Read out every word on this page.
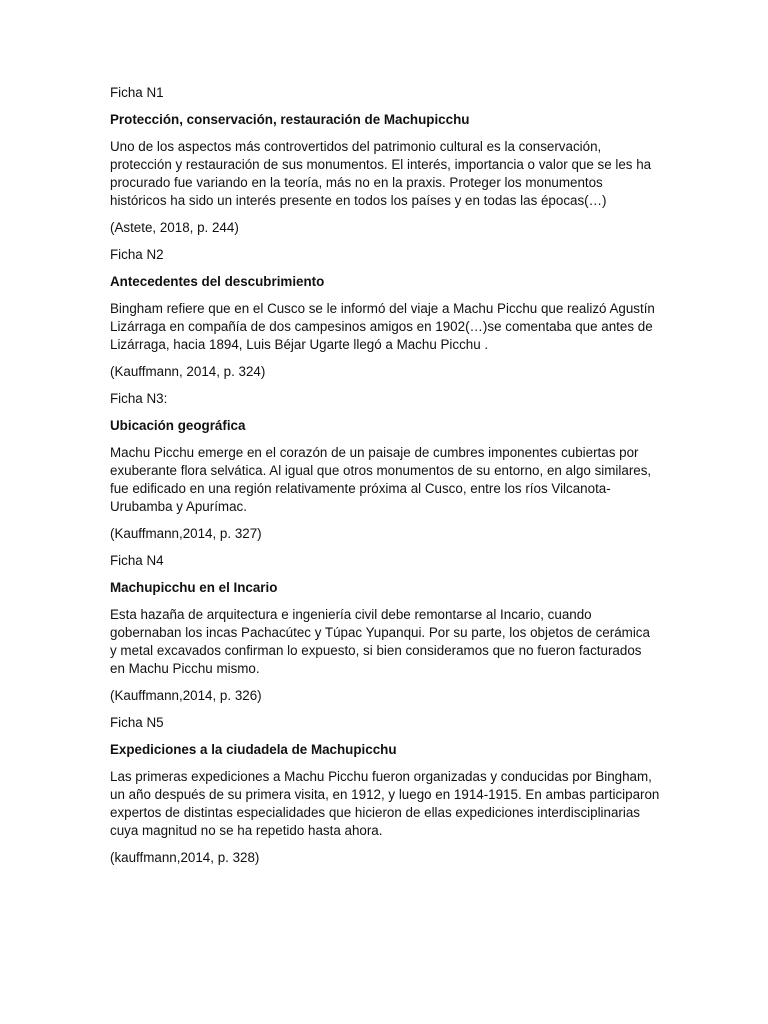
Ficha N1

Protección, conservación, restauración de Machupicchu

Uno de los aspectos más controvertidos del patrimonio cultural es la conservación, protección y restauración de sus monumentos. El interés, importancia o valor que se les ha procurado fue variando en la teoría, más no en la praxis. Proteger los monumentos históricos ha sido un interés presente en todos los países y en todas las épocas(…)

(Astete, 2018, p. 244)

Ficha N2

Antecedentes del descubrimiento

Bingham refiere que en el Cusco se le informó del viaje a Machu Picchu que realizó Agustín Lizárraga en compañía de dos campesinos amigos en 1902(…)se comentaba que antes de Lizárraga, hacia 1894, Luis Béjar Ugarte llegó a Machu Picchu .

(Kauffmann, 2014, p. 324)

Ficha N3:

Ubicación geográfica

Machu Picchu emerge en el corazón de un paisaje de cumbres imponentes cubiertas por exuberante flora selvática. Al igual que otros monumentos de su entorno, en algo similares, fue edificado en una región relativamente próxima al Cusco, entre los ríos Vilcanota-Urubamba y Apurímac.

(Kauffmann,2014, p. 327)

Ficha N4

Machupicchu en el Incario

Esta hazaña de arquitectura e ingeniería civil debe remontarse al Incario, cuando gobernaban los incas Pachacútec y Túpac Yupanqui. Por su parte, los objetos de cerámica y metal excavados confirman lo expuesto, si bien consideramos que no fueron facturados en Machu Picchu mismo.

(Kauffmann,2014, p. 326)

Ficha N5

Expediciones a la ciudadela de Machupicchu

Las primeras expediciones a Machu Picchu fueron organizadas y conducidas por Bingham, un año después de su primera visita, en 1912, y luego en 1914-1915. En ambas participaron expertos de distintas especialidades que hicieron de ellas expediciones interdisciplinarias cuya magnitud no se ha repetido hasta ahora.

(kauffmann,2014, p. 328)
